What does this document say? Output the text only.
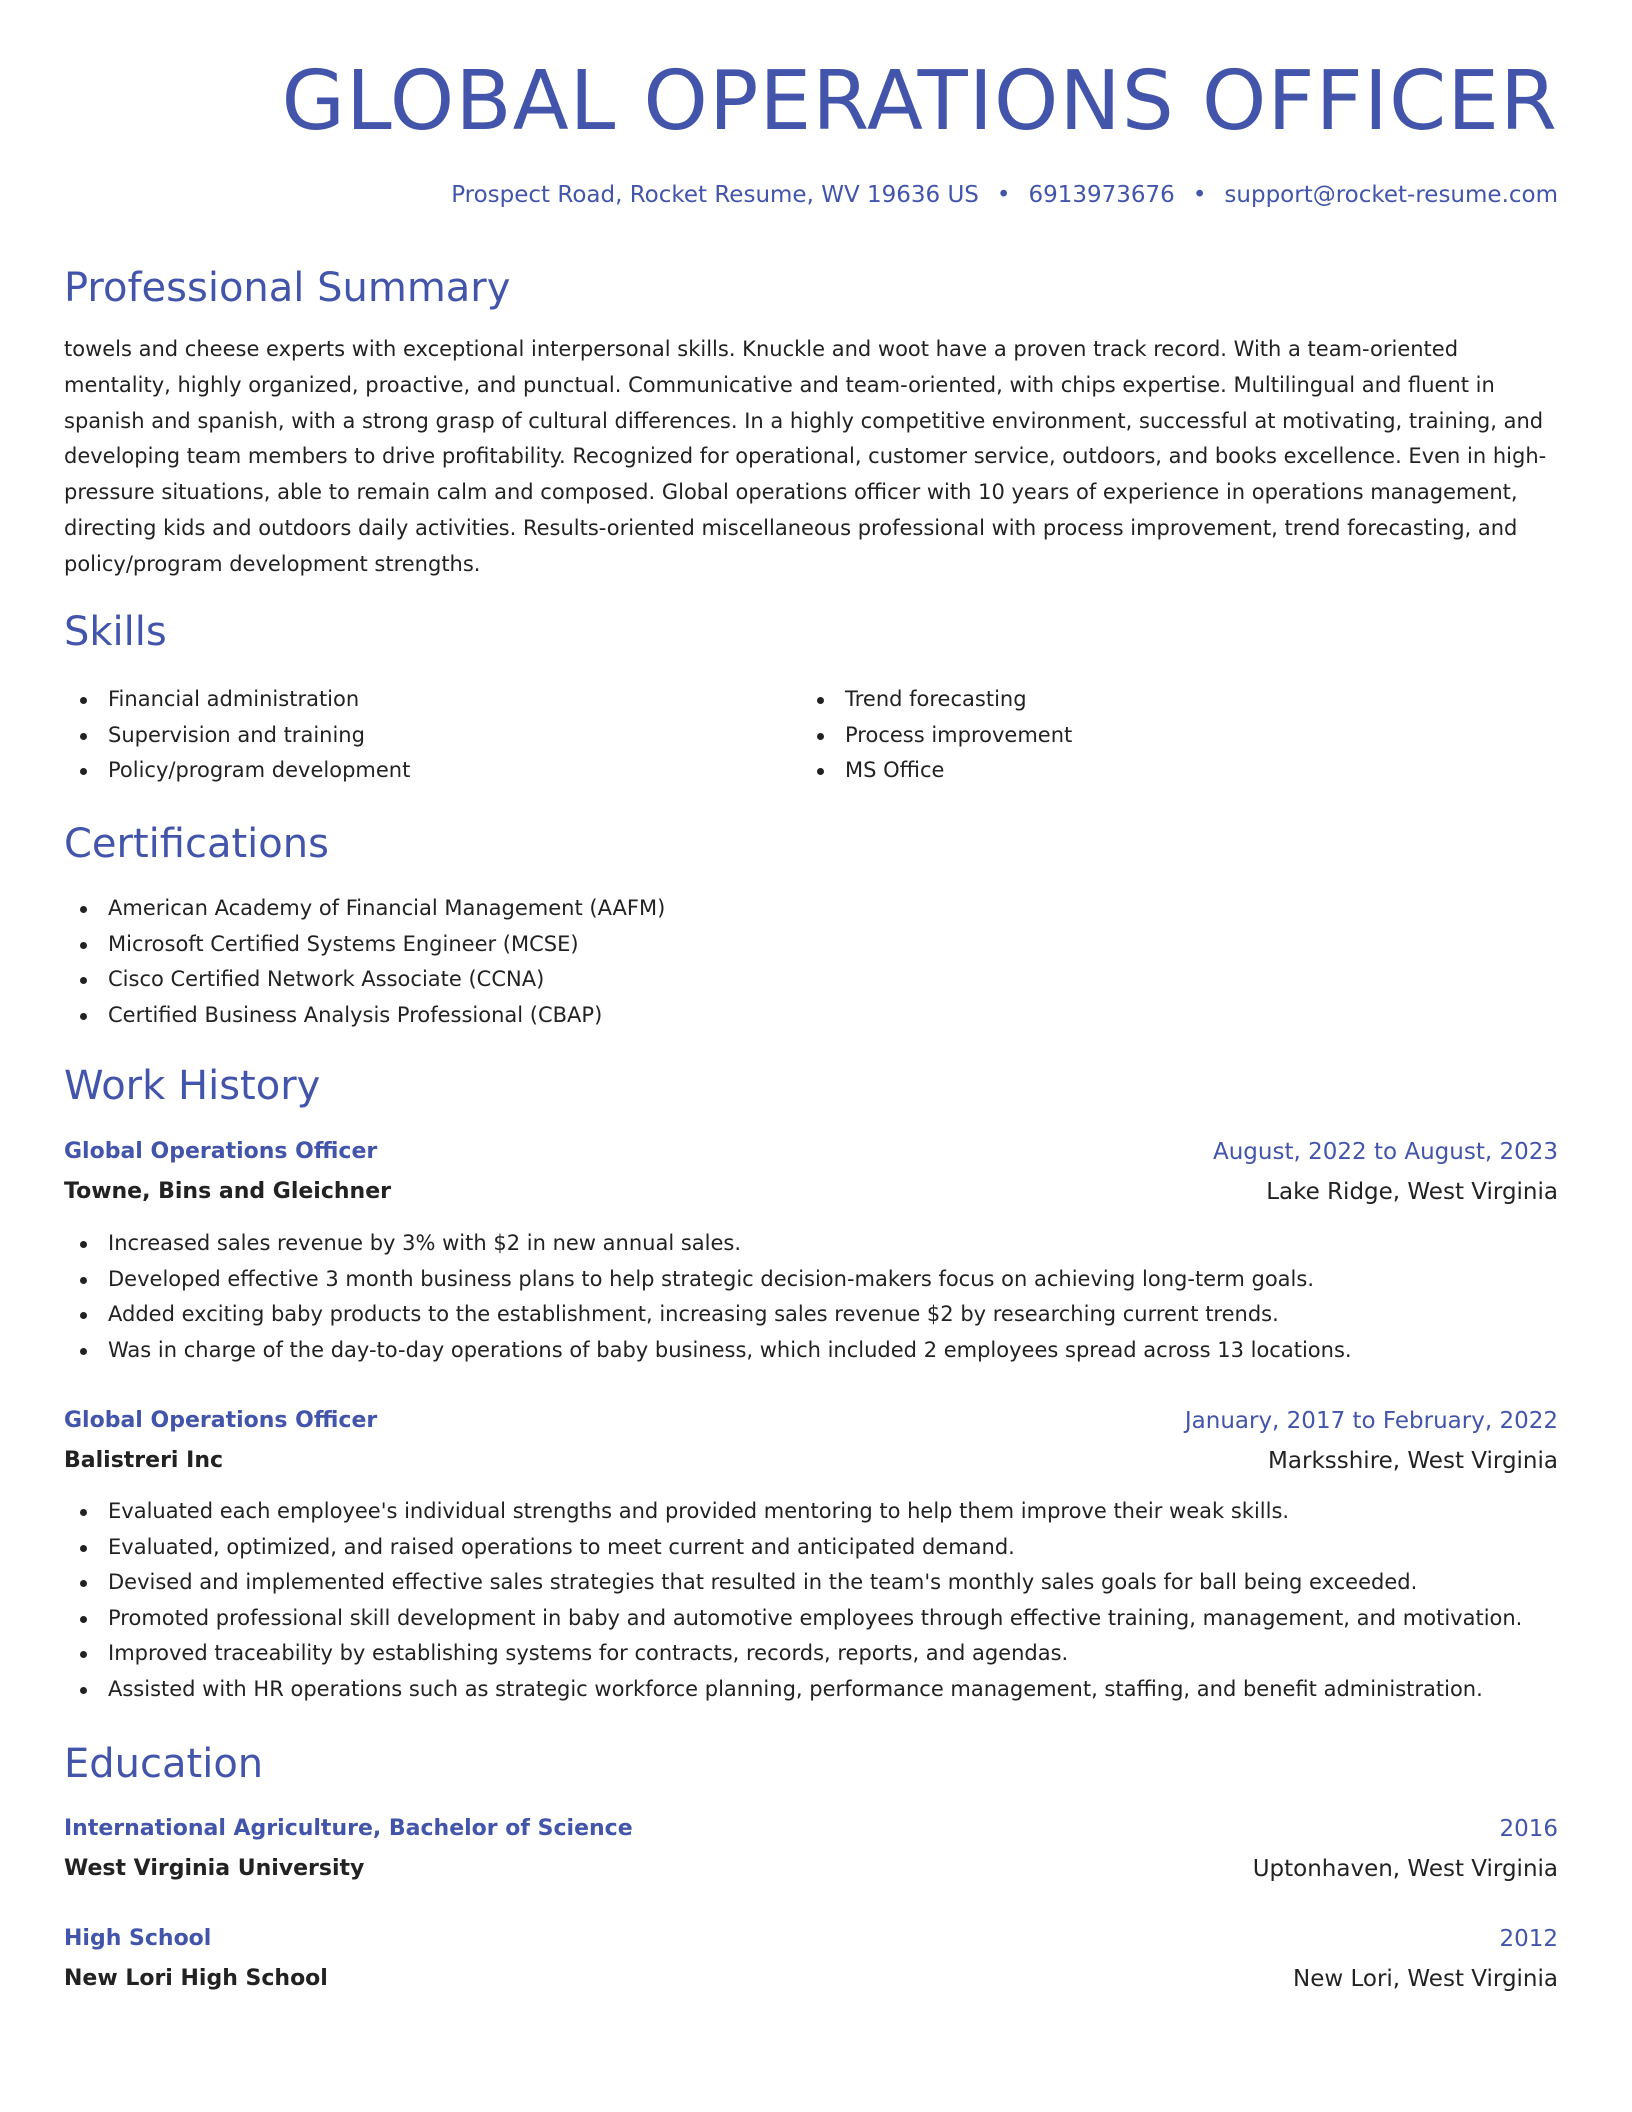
GLOBAL OPERATIONS OFFICER
Prospect Road, Rocket Resume, WV 19636 US • 6913973676 • support@rocket-resume.com
Professional Summary

towels and cheese experts with exceptional interpersonal skills. Knuckle and woot have a proven track record. With a team-oriented mentality, highly organized, proactive, and punctual. Communicative and team-oriented, with chips expertise. Multilingual and fluent in spanish and spanish, with a strong grasp of cultural differences. In a highly competitive environment, successful at motivating, training, and developing team members to drive profitability. Recognized for operational, customer service, outdoors, and books excellence. Even in high-pressure situations, able to remain calm and composed. Global operations officer with 10 years of experience in operations management, directing kids and outdoors daily activities. Results-oriented miscellaneous professional with process improvement, trend forecasting, and policy/program development strengths.

Skills
Financial administration
Supervision and training
Policy/program development
Trend forecasting
Process improvement
MS Office
Certifications
American Academy of Financial Management (AAFM)
Microsoft Certified Systems Engineer (MCSE)
Cisco Certified Network Associate (CCNA)
Certified Business Analysis Professional (CBAP)
Work History
Global Operations Officer	August, 2022 to August, 2023
Towne, Bins and Gleichner	Lake Ridge, West Virginia
Increased sales revenue by 3% with $2 in new annual sales.
Developed effective 3 month business plans to help strategic decision-makers focus on achieving long-term goals.
Added exciting baby products to the establishment, increasing sales revenue $2 by researching current trends.
Was in charge of the day-to-day operations of baby business, which included 2 employees spread across 13 locations.
Global Operations Officer	January, 2017 to February, 2022
Balistreri Inc	Marksshire, West Virginia
Evaluated each employee's individual strengths and provided mentoring to help them improve their weak skills.
Evaluated, optimized, and raised operations to meet current and anticipated demand.
Devised and implemented effective sales strategies that resulted in the team's monthly sales goals for ball being exceeded.
Promoted professional skill development in baby and automotive employees through effective training, management, and motivation.
Improved traceability by establishing systems for contracts, records, reports, and agendas.
Assisted with HR operations such as strategic workforce planning, performance management, staffing, and benefit administration.
Education
International Agriculture, Bachelor of Science	2016
West Virginia University	Uptonhaven, West Virginia
High School	2012
New Lori High School	New Lori, West Virginia
